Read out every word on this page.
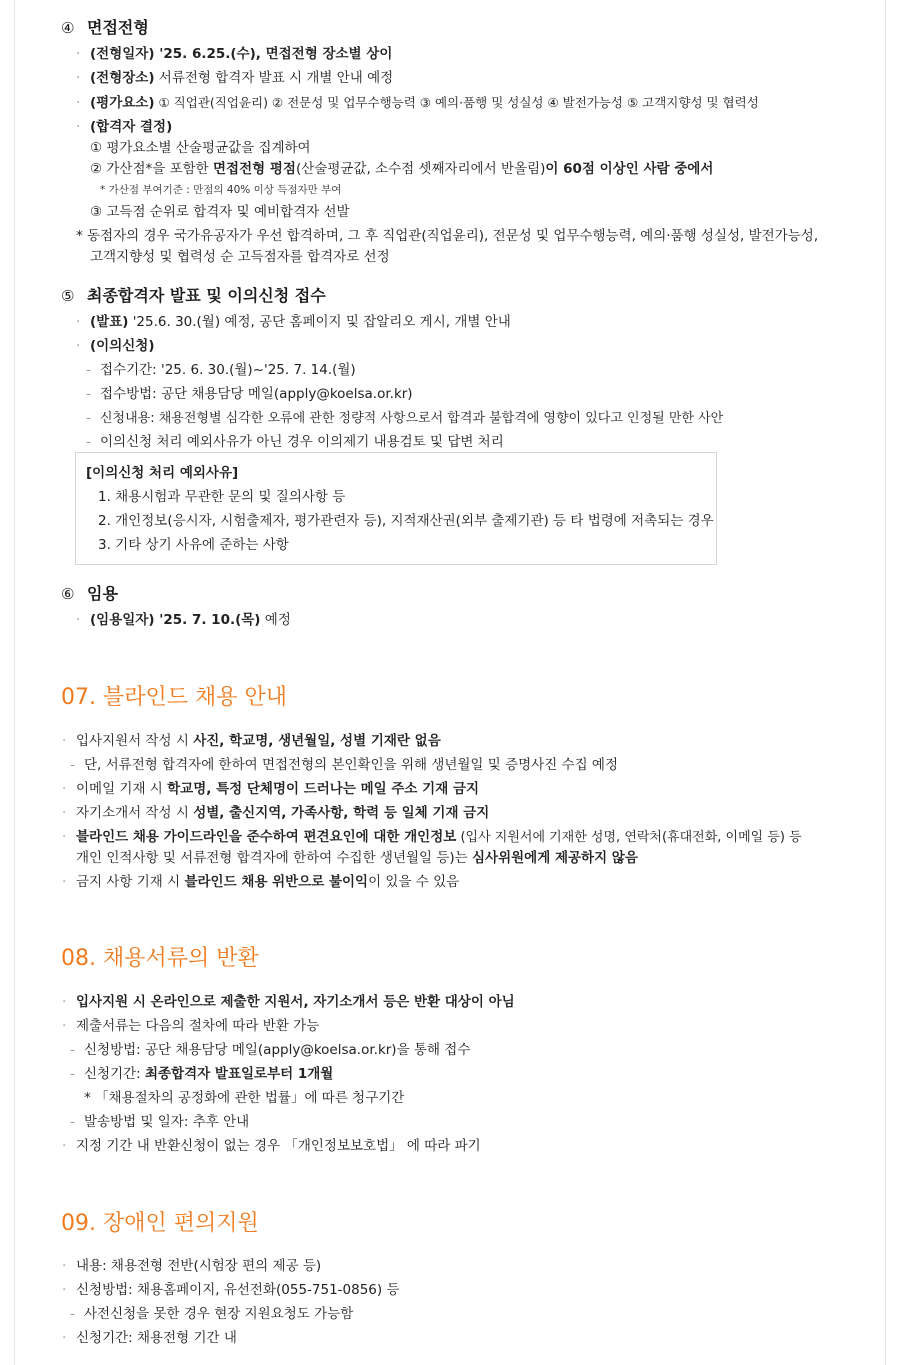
④ 면접전형
· (전형일자) '25. 6.25.(수), 면접전형 장소별 상이
· (전형장소) 서류전형 합격자 발표 시 개별 안내 예정
· (평가요소) ① 직업관(직업윤리) ② 전문성 및 업무수행능력 ③ 예의·품행 및 성실성 ④ 발전가능성 ⑤ 고객지향성 및 협력성
· (합격자 결정)
① 평가요소별 산술평균값을 집계하여
② 가산점*을 포함한 면접전형 평점(산술평균값, 소수점 셋째자리에서 반올림)이 60점 이상인 사람 중에서
* 가산점 부여기준 : 만점의 40% 이상 득점자만 부여
③ 고득점 순위로 합격자 및 예비합격자 선발
* 동점자의 경우 국가유공자가 우선 합격하며, 그 후 직업관(직업윤리), 전문성 및 업무수행능력, 예의·품행 성실성, 발전가능성,
고객지향성 및 협력성 순 고득점자를 합격자로 선정
⑤ 최종합격자 발표 및 이의신청 접수
· (발표) '25.6. 30.(월) 예정, 공단 홈페이지 및 잡알리오 게시, 개별 안내
· (이의신청)
- 접수기간: '25. 6. 30.(월)~'25. 7. 14.(월)
- 접수방법: 공단 채용담당 메일(apply@koelsa.or.kr)
- 신청내용: 채용전형별 심각한 오류에 관한 정량적 사항으로서 합격과 불합격에 영향이 있다고 인정될 만한 사안
- 이의신청 처리 예외사유가 아닌 경우 이의제기 내용검토 및 답변 처리
[이의신청 처리 예외사유]
1. 채용시험과 무관한 문의 및 질의사항 등
2. 개인정보(응시자, 시험출제자, 평가관련자 등), 지적재산권(외부 출제기관) 등 타 법령에 저촉되는 경우
3. 기타 상기 사유에 준하는 사항
⑥ 임용
· (임용일자) '25. 7. 10.(목) 예정
07. 블라인드 채용 안내
· 입사지원서 작성 시 사진, 학교명, 생년월일, 성별 기재란 없음
- 단, 서류전형 합격자에 한하여 면접전형의 본인확인을 위해 생년월일 및 증명사진 수집 예정
· 이메일 기재 시 학교명, 특정 단체명이 드러나는 메일 주소 기재 금지
· 자기소개서 작성 시 성별, 출신지역, 가족사항, 학력 등 일체 기재 금지
· 블라인드 채용 가이드라인을 준수하여 편견요인에 대한 개인정보 (입사 지원서에 기재한 성명, 연락처(휴대전화, 이메일 등) 등
개인 인적사항 및 서류전형 합격자에 한하여 수집한 생년월일 등)는 심사위원에게 제공하지 않음
· 금지 사항 기재 시 블라인드 채용 위반으로 불이익이 있을 수 있음
08. 채용서류의 반환
· 입사지원 시 온라인으로 제출한 지원서, 자기소개서 등은 반환 대상이 아님
· 제출서류는 다음의 절차에 따라 반환 가능
- 신청방법: 공단 채용담당 메일(apply@koelsa.or.kr)을 통해 접수
- 신청기간: 최종합격자 발표일로부터 1개월
* 「채용절차의 공정화에 관한 법률」에 따른 청구기간
- 발송방법 및 일자: 추후 안내
· 지정 기간 내 반환신청이 없는 경우 「개인정보보호법」 에 따라 파기
09. 장애인 편의지원
· 내용: 채용전형 전반(시험장 편의 제공 등)
· 신청방법: 채용홈페이지, 유선전화(055-751-0856) 등
- 사전신청을 못한 경우 현장 지원요청도 가능함
· 신청기간: 채용전형 기간 내
